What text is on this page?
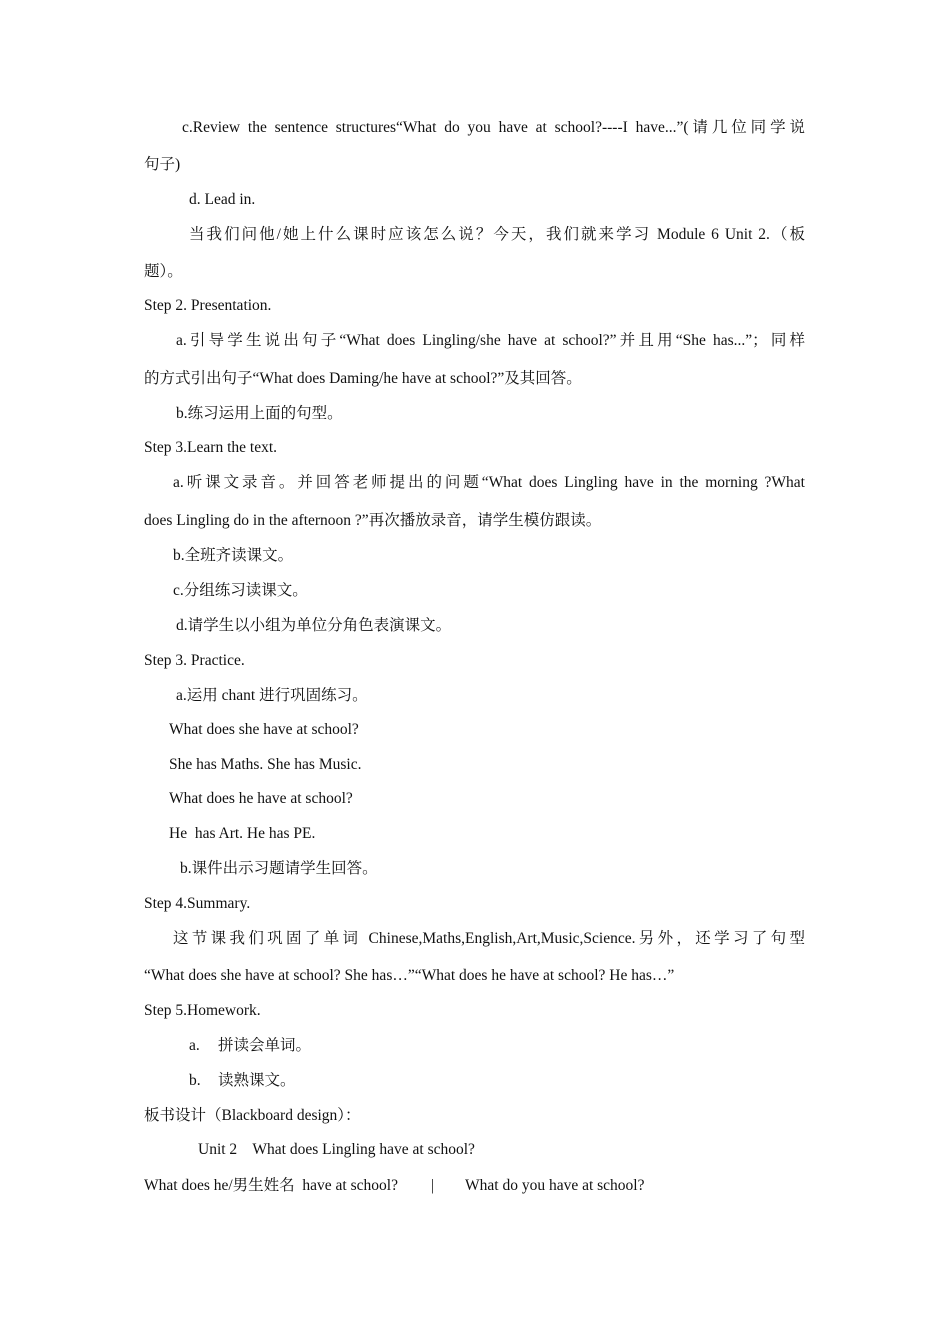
c.Review the sentence structures“What do you have at school?----I have...”(请几位同学说
句子)
d. Lead in.
当我们问他/她上什么课时应该怎么说？今天，我们就来学习 Module 6 Unit 2.（板
题）。
Step 2. Presentation.
a.引导学生说出句子“What does Lingling/she have at school?”并且用“She has...”；同样
的方式引出句子“What does Daming/he have at school?”及其回答。
b.练习运用上面的句型。
Step 3.Learn the text.
a.听课文录音。并回答老师提出的问题“What does Lingling have in the morning ?What
does Lingling do in the afternoon ?”再次播放录音，请学生模仿跟读。
b.全班齐读课文。
c.分组练习读课文。
d.请学生以小组为单位分角色表演课文。
Step 3. Practice.
a.运用 chant 进行巩固练习。
What does she have at school?
She has Maths. She has Music.
What does he have at school?
He  has Art. He has PE.
b.课件出示习题请学生回答。
Step 4.Summary.
这节课我们巩固了单词 Chinese,Maths,English,Art,Music,Science.另外，还学习了句型
“What does she have at school? She has…”“What does he have at school? He has…”
Step 5.Homework.
a. 拼读会单词。
b. 读熟课文。
板书设计（Blackboard design）：
Unit 2    What does Lingling have at school?
What does he/男生姓名  have at school? | What do you have at school?
